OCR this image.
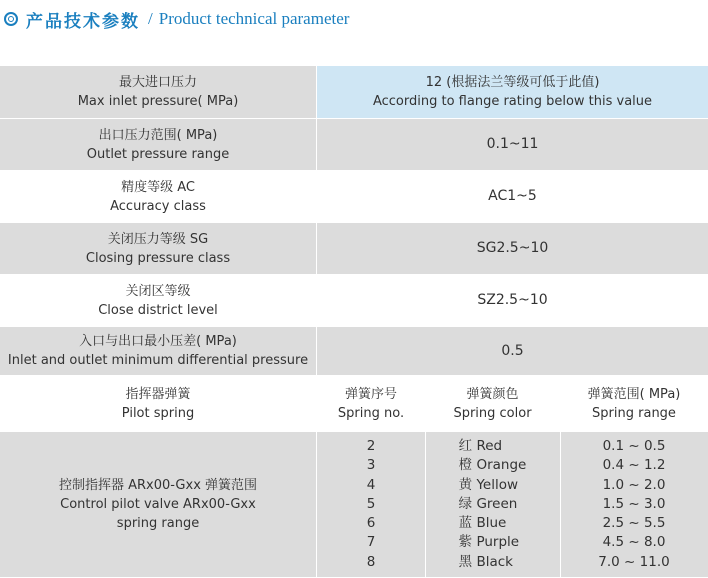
产品技术参数 / Product technical parameter
最大进口压力
Max inlet pressure( MPa)
12 (根据法兰等级可低于此值)
According to flange rating below this value
出口压力范围( MPa)
Outlet pressure range
0.1~11
精度等级 AC
Accuracy class
AC1~5
关闭压力等级 SG
Closing pressure class
SG2.5~10
关闭区等级
Close district level
SZ2.5~10
入口与出口最小压差( MPa)
Inlet and outlet minimum differential pressure
0.5
指挥器弹簧
Pilot spring
弹簧序号
Spring no.
弹簧颜色
Spring color
弹簧范围( MPa)
Spring range
控制指挥器 ARx00-Gxx 弹簧范围
Control pilot valve ARx00-Gxx
spring range
2
3
4
5
6
7
8
红 Red
橙 Orange
黄 Yellow
绿 Green
蓝 Blue
紫 Purple
黑 Black
0.1 ~ 0.5
0.4 ~ 1.2
1.0 ~ 2.0
1.5 ~ 3.0
2.5 ~ 5.5
4.5 ~ 8.0
7.0 ~ 11.0
